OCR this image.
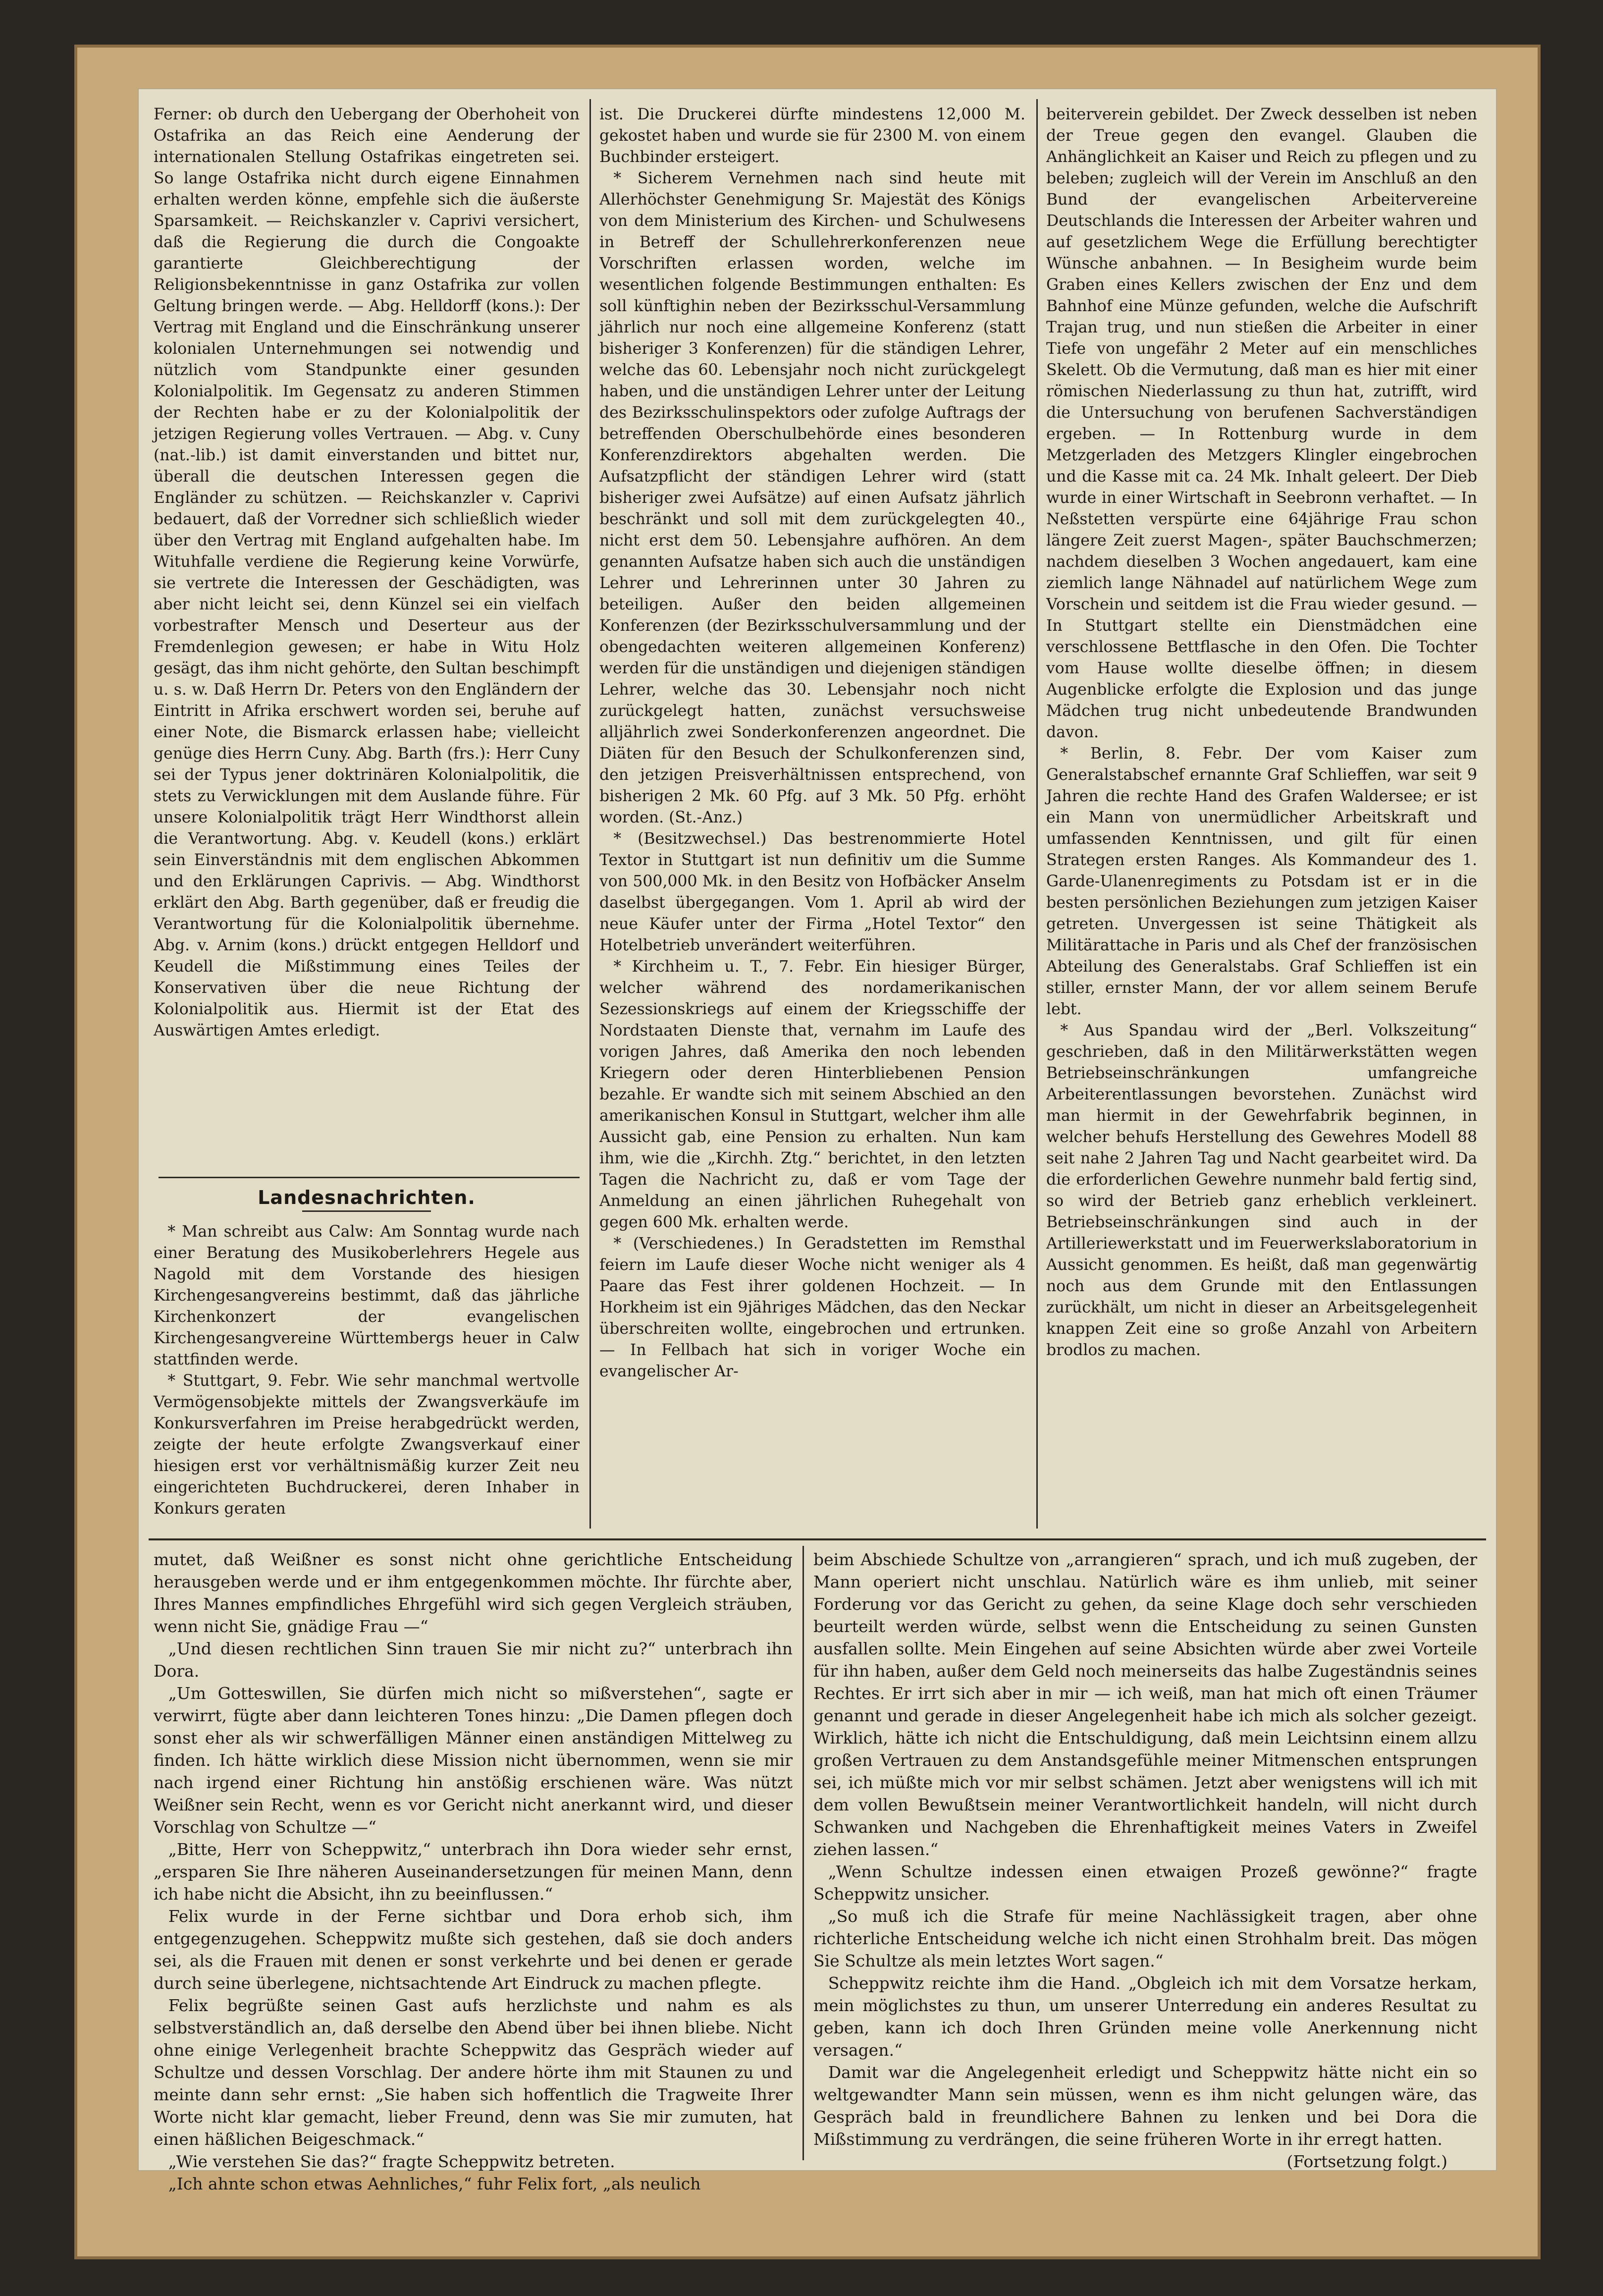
Ferner: ob durch den Uebergang der Oberhoheit von Ostafrika an das Reich eine Aenderung der internationalen Stellung Ostafrikas eingetreten sei. So lange Ostafrika nicht durch eigene Einnahmen erhalten werden könne, empfehle sich die äußerste Sparsamkeit. — Reichskanzler v. Caprivi versichert, daß die Regierung die durch die Congoakte garantierte Gleichberechtigung der Religionsbekenntnisse in ganz Ostafrika zur vollen Geltung bringen werde. — Abg. Helldorff (kons.): Der Vertrag mit England und die Einschränkung unserer kolonialen Unternehmungen sei notwendig und nützlich vom Standpunkte einer gesunden Kolonialpolitik. Im Gegensatz zu anderen Stimmen der Rechten habe er zu der Kolonialpolitik der jetzigen Regierung volles Vertrauen. — Abg. v. Cuny (nat.-lib.) ist damit einverstanden und bittet nur, überall die deutschen Interessen gegen die Engländer zu schützen. — Reichskanzler v. Caprivi bedauert, daß der Vorredner sich schließlich wieder über den Vertrag mit England aufgehalten habe. Im Wituhfalle verdiene die Regierung keine Vorwürfe, sie vertrete die Interessen der Geschädigten, was aber nicht leicht sei, denn Künzel sei ein vielfach vorbestrafter Mensch und Deserteur aus der Fremdenlegion gewesen; er habe in Witu Holz gesägt, das ihm nicht gehörte, den Sultan beschimpft u. s. w. Daß Herrn Dr. Peters von den Engländern der Eintritt in Afrika erschwert worden sei, beruhe auf einer Note, die Bismarck erlassen habe; vielleicht genüge dies Herrn Cuny. Abg. Barth (frs.): Herr Cuny sei der Typus jener doktrinären Kolonialpolitik, die stets zu Verwicklungen mit dem Auslande führe. Für unsere Kolonialpolitik trägt Herr Windthorst allein die Verantwortung. Abg. v. Keudell (kons.) erklärt sein Einverständnis mit dem englischen Abkommen und den Erklärungen Caprivis. — Abg. Windthorst erklärt den Abg. Barth gegenüber, daß er freudig die Verantwortung für die Kolonialpolitik übernehme. Abg. v. Arnim (kons.) drückt entgegen Helldorf und Keudell die Mißstimmung eines Teiles der Konservativen über die neue Richtung der Kolonialpolitik aus. Hiermit ist der Etat des Auswärtigen Amtes erledigt.

Landesnachrichten.

* Man schreibt aus Calw: Am Sonntag wurde nach einer Beratung des Musikoberlehrers Hegele aus Nagold mit dem Vorstande des hiesigen Kirchengesangvereins bestimmt, daß das jährliche Kirchenkonzert der evangelischen Kirchengesangvereine Württembergs heuer in Calw stattfinden werde.

* Stuttgart, 9. Febr. Wie sehr manchmal wertvolle Vermögensobjekte mittels der Zwangsverkäufe im Konkursverfahren im Preise herabgedrückt werden, zeigte der heute erfolgte Zwangsverkauf einer hiesigen erst vor verhältnismäßig kurzer Zeit neu eingerichteten Buchdruckerei, deren Inhaber in Konkurs geraten

ist. Die Druckerei dürfte mindestens 12,000 M. gekostet haben und wurde sie für 2300 M. von einem Buchbinder ersteigert.

* Sicherem Vernehmen nach sind heute mit Allerhöchster Genehmigung Sr. Majestät des Königs von dem Ministerium des Kirchen- und Schulwesens in Betreff der Schullehrerkonferenzen neue Vorschriften erlassen worden, welche im wesentlichen folgende Bestimmungen enthalten: Es soll künftighin neben der Bezirksschul-Versammlung jährlich nur noch eine allgemeine Konferenz (statt bisheriger 3 Konferenzen) für die ständigen Lehrer, welche das 60. Lebensjahr noch nicht zurückgelegt haben, und die unständigen Lehrer unter der Leitung des Bezirksschulinspektors oder zufolge Auftrags der betreffenden Oberschulbehörde eines besonderen Konferenzdirektors abgehalten werden. Die Aufsatzpflicht der ständigen Lehrer wird (statt bisheriger zwei Aufsätze) auf einen Aufsatz jährlich beschränkt und soll mit dem zurückgelegten 40., nicht erst dem 50. Lebensjahre aufhören. An dem genannten Aufsatze haben sich auch die unständigen Lehrer und Lehrerinnen unter 30 Jahren zu beteiligen. Außer den beiden allgemeinen Konferenzen (der Bezirksschulversammlung und der obengedachten weiteren allgemeinen Konferenz) werden für die unständigen und diejenigen ständigen Lehrer, welche das 30. Lebensjahr noch nicht zurückgelegt hatten, zunächst versuchsweise alljährlich zwei Sonderkonferenzen angeordnet. Die Diäten für den Besuch der Schulkonferenzen sind, den jetzigen Preisverhältnissen entsprechend, von bisherigen 2 Mk. 60 Pfg. auf 3 Mk. 50 Pfg. erhöht worden. (St.-Anz.)

* (Besitzwechsel.) Das bestrenommierte Hotel Textor in Stuttgart ist nun definitiv um die Summe von 500,000 Mk. in den Besitz von Hofbäcker Anselm daselbst übergegangen. Vom 1. April ab wird der neue Käufer unter der Firma „Hotel Textor“ den Hotelbetrieb unverändert weiterführen.

* Kirchheim u. T., 7. Febr. Ein hiesiger Bürger, welcher während des nordamerikanischen Sezessionskriegs auf einem der Kriegsschiffe der Nordstaaten Dienste that, vernahm im Laufe des vorigen Jahres, daß Amerika den noch lebenden Kriegern oder deren Hinterbliebenen Pension bezahle. Er wandte sich mit seinem Abschied an den amerikanischen Konsul in Stuttgart, welcher ihm alle Aussicht gab, eine Pension zu erhalten. Nun kam ihm, wie die „Kirchh. Ztg.“ berichtet, in den letzten Tagen die Nachricht zu, daß er vom Tage der Anmeldung an einen jährlichen Ruhegehalt von gegen 600 Mk. erhalten werde.

* (Verschiedenes.) In Geradstetten im Remsthal feiern im Laufe dieser Woche nicht weniger als 4 Paare das Fest ihrer goldenen Hochzeit. — In Horkheim ist ein 9jähriges Mädchen, das den Neckar überschreiten wollte, eingebrochen und ertrunken. — In Fellbach hat sich in voriger Woche ein evangelischer Ar-

beiterverein gebildet. Der Zweck desselben ist neben der Treue gegen den evangel. Glauben die Anhänglichkeit an Kaiser und Reich zu pflegen und zu beleben; zugleich will der Verein im Anschluß an den Bund der evangelischen Arbeitervereine Deutschlands die Interessen der Arbeiter wahren und auf gesetzlichem Wege die Erfüllung berechtigter Wünsche anbahnen. — In Besigheim wurde beim Graben eines Kellers zwischen der Enz und dem Bahnhof eine Münze gefunden, welche die Aufschrift Trajan trug, und nun stießen die Arbeiter in einer Tiefe von ungefähr 2 Meter auf ein menschliches Skelett. Ob die Vermutung, daß man es hier mit einer römischen Niederlassung zu thun hat, zutrifft, wird die Untersuchung von berufenen Sachverständigen ergeben. — In Rottenburg wurde in dem Metzgerladen des Metzgers Klingler eingebrochen und die Kasse mit ca. 24 Mk. Inhalt geleert. Der Dieb wurde in einer Wirtschaft in Seebronn verhaftet. — In Neßstetten verspürte eine 64jährige Frau schon längere Zeit zuerst Magen-, später Bauchschmerzen; nachdem dieselben 3 Wochen angedauert, kam eine ziemlich lange Nähnadel auf natürlichem Wege zum Vorschein und seitdem ist die Frau wieder gesund. — In Stuttgart stellte ein Dienstmädchen eine verschlossene Bettflasche in den Ofen. Die Tochter vom Hause wollte dieselbe öffnen; in diesem Augenblicke erfolgte die Explosion und das junge Mädchen trug nicht unbedeutende Brandwunden davon.

* Berlin, 8. Febr. Der vom Kaiser zum Generalstabschef ernannte Graf Schlieffen, war seit 9 Jahren die rechte Hand des Grafen Waldersee; er ist ein Mann von unermüdlicher Arbeitskraft und umfassenden Kenntnissen, und gilt für einen Strategen ersten Ranges. Als Kommandeur des 1. Garde-Ulanenregiments zu Potsdam ist er in die besten persönlichen Beziehungen zum jetzigen Kaiser getreten. Unvergessen ist seine Thätigkeit als Militärattache in Paris und als Chef der französischen Abteilung des Generalstabs. Graf Schlieffen ist ein stiller, ernster Mann, der vor allem seinem Berufe lebt.

* Aus Spandau wird der „Berl. Volkszeitung“ geschrieben, daß in den Militärwerkstätten wegen Betriebseinschränkungen umfangreiche Arbeiterentlassungen bevorstehen. Zunächst wird man hiermit in der Gewehrfabrik beginnen, in welcher behufs Herstellung des Gewehres Modell 88 seit nahe 2 Jahren Tag und Nacht gearbeitet wird. Da die erforderlichen Gewehre nunmehr bald fertig sind, so wird der Betrieb ganz erheblich verkleinert. Betriebseinschränkungen sind auch in der Artilleriewerkstatt und im Feuerwerkslaboratorium in Aussicht genommen. Es heißt, daß man gegenwärtig noch aus dem Grunde mit den Entlassungen zurückhält, um nicht in dieser an Arbeitsgelegenheit knappen Zeit eine so große Anzahl von Arbeitern brodlos zu machen.

mutet, daß Weißner es sonst nicht ohne gerichtliche Entscheidung herausgeben werde und er ihm entgegenkommen möchte. Ihr fürchte aber, Ihres Mannes empfindliches Ehrgefühl wird sich gegen Vergleich sträuben, wenn nicht Sie, gnädige Frau —“

„Und diesen rechtlichen Sinn trauen Sie mir nicht zu?“ unterbrach ihn Dora.

„Um Gotteswillen, Sie dürfen mich nicht so mißverstehen“, sagte er verwirrt, fügte aber dann leichteren Tones hinzu: „Die Damen pflegen doch sonst eher als wir schwerfälligen Männer einen anständigen Mittelweg zu finden. Ich hätte wirklich diese Mission nicht übernommen, wenn sie mir nach irgend einer Richtung hin anstößig erschienen wäre. Was nützt Weißner sein Recht, wenn es vor Gericht nicht anerkannt wird, und dieser Vorschlag von Schultze —“

„Bitte, Herr von Scheppwitz,“ unterbrach ihn Dora wieder sehr ernst, „ersparen Sie Ihre näheren Auseinandersetzungen für meinen Mann, denn ich habe nicht die Absicht, ihn zu beeinflussen.“

Felix wurde in der Ferne sichtbar und Dora erhob sich, ihm entgegenzugehen. Scheppwitz mußte sich gestehen, daß sie doch anders sei, als die Frauen mit denen er sonst verkehrte und bei denen er gerade durch seine überlegene, nichtsachtende Art Eindruck zu machen pflegte.

Felix begrüßte seinen Gast aufs herzlichste und nahm es als selbstverständlich an, daß derselbe den Abend über bei ihnen bliebe. Nicht ohne einige Verlegenheit brachte Scheppwitz das Gespräch wieder auf Schultze und dessen Vorschlag. Der andere hörte ihm mit Staunen zu und meinte dann sehr ernst: „Sie haben sich hoffentlich die Tragweite Ihrer Worte nicht klar gemacht, lieber Freund, denn was Sie mir zumuten, hat einen häßlichen Beigeschmack.“

„Wie verstehen Sie das?“ fragte Scheppwitz betreten.

„Ich ahnte schon etwas Aehnliches,“ fuhr Felix fort, „als neulich

beim Abschiede Schultze von „arrangieren“ sprach, und ich muß zugeben, der Mann operiert nicht unschlau. Natürlich wäre es ihm unlieb, mit seiner Forderung vor das Gericht zu gehen, da seine Klage doch sehr verschieden beurteilt werden würde, selbst wenn die Entscheidung zu seinen Gunsten ausfallen sollte. Mein Eingehen auf seine Absichten würde aber zwei Vorteile für ihn haben, außer dem Geld noch meinerseits das halbe Zugeständnis seines Rechtes. Er irrt sich aber in mir — ich weiß, man hat mich oft einen Träumer genannt und gerade in dieser Angelegenheit habe ich mich als solcher gezeigt. Wirklich, hätte ich nicht die Entschuldigung, daß mein Leichtsinn einem allzu großen Vertrauen zu dem Anstandsgefühle meiner Mitmenschen entsprungen sei, ich müßte mich vor mir selbst schämen. Jetzt aber wenigstens will ich mit dem vollen Bewußtsein meiner Verantwortlichkeit handeln, will nicht durch Schwanken und Nachgeben die Ehrenhaftigkeit meines Vaters in Zweifel ziehen lassen.“

„Wenn Schultze indessen einen etwaigen Prozeß gewönne?“ fragte Scheppwitz unsicher.

„So muß ich die Strafe für meine Nachlässigkeit tragen, aber ohne richterliche Entscheidung welche ich nicht einen Strohhalm breit. Das mögen Sie Schultze als mein letztes Wort sagen.“

Scheppwitz reichte ihm die Hand. „Obgleich ich mit dem Vorsatze herkam, mein möglichstes zu thun, um unserer Unterredung ein anderes Resultat zu geben, kann ich doch Ihren Gründen meine volle Anerkennung nicht versagen.“

Damit war die Angelegenheit erledigt und Scheppwitz hätte nicht ein so weltgewandter Mann sein müssen, wenn es ihm nicht gelungen wäre, das Gespräch bald in freundlichere Bahnen zu lenken und bei Dora die Mißstimmung zu verdrängen, die seine früheren Worte in ihr erregt hatten.

(Fortsetzung folgt.)
